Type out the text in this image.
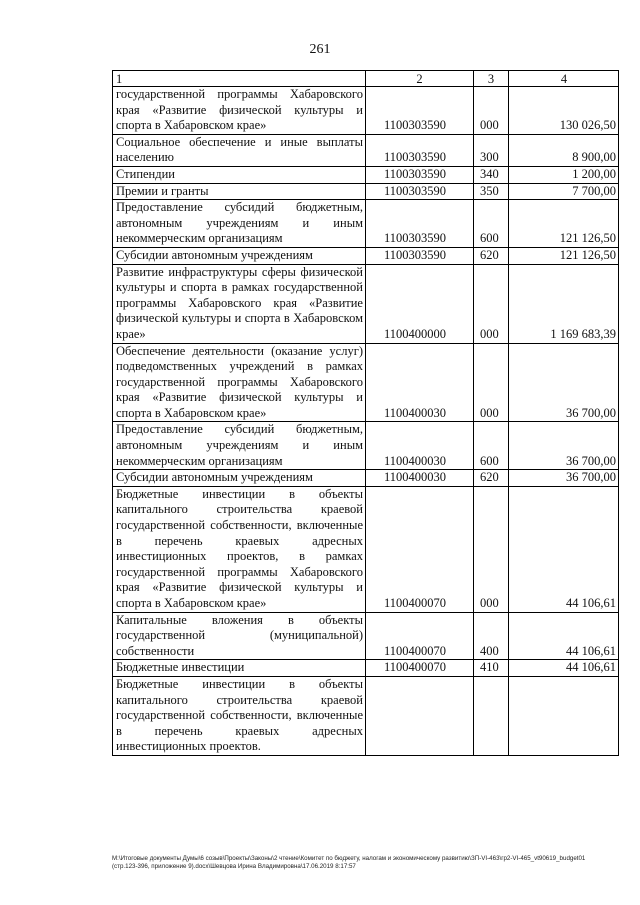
261
1	2	3	4
государственной программы Хабаровского края «Развитие физической культуры и спорта в Хабаровском крае»	1100303590	000	130 026,50
Социальное обеспечение и иные выплаты населению	1100303590	300	8 900,00
Стипендии	1100303590	340	1 200,00
Премии и гранты	1100303590	350	7 700,00
Предоставление субсидий бюджетным, автономным учреждениям и иным некоммерческим организациям	1100303590	600	121 126,50
Субсидии автономным учреждениям	1100303590	620	121 126,50
Развитие инфраструктуры сферы физической культуры и спорта в рамках государственной программы Хабаровского края «Развитие физической культуры и спорта в Хабаровском крае»	1100400000	000	1 169 683,39
Обеспечение деятельности (оказание услуг) подведомственных учреждений в рамках государственной программы Хабаровского края «Развитие физической культуры и спорта в Хабаровском крае»	1100400030	000	36 700,00
Предоставление субсидий бюджетным, автономным учреждениям и иным некоммерческим организациям	1100400030	600	36 700,00
Субсидии автономным учреждениям	1100400030	620	36 700,00
Бюджетные инвестиции в объекты капитального строительства краевой государственной собственности, включенные в перечень краевых адресных инвестиционных проектов, в рамках государственной программы Хабаровского края «Развитие физической культуры и спорта в Хабаровском крае»	1100400070	000	44 106,61
Капитальные вложения в объекты государственной (муниципальной) собственности	1100400070	400	44 106,61
Бюджетные инвестиции	1100400070	410	44 106,61
Бюджетные инвестиции в объекты капитального строительства краевой государственной собственности, включенные в перечень краевых адресных инвестиционных проектов.			
M:\Итоговые документы Думы\6 созыв\Проекты\Законы\2 чтение\Комитет по бюджету, налогам и экономическому развитию\ЗП-VI-463\гр2-VI-465_vt90619_budget01 (стр.123-396, приложение 9).docx\Шевцова Ирина Владимировна\17.06.2019 8:17:57
